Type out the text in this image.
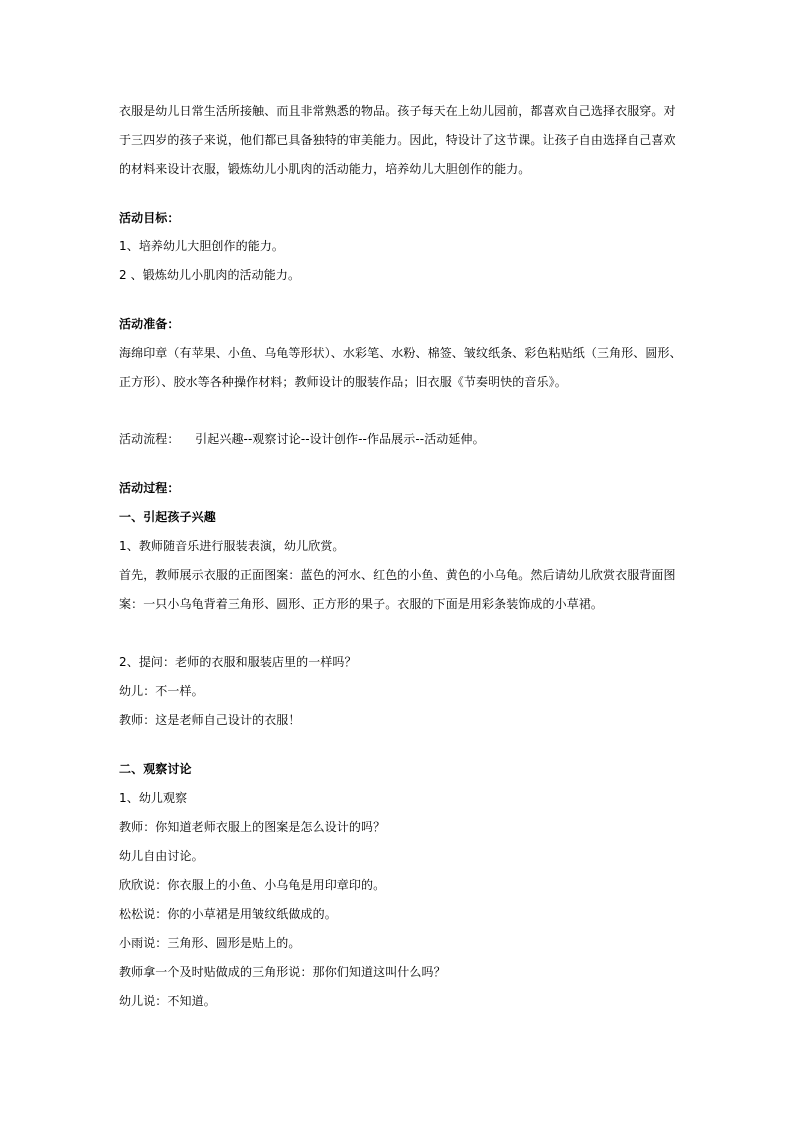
衣服是幼儿日常生活所接触、而且非常熟悉的物品。孩子每天在上幼儿园前，都喜欢自己选择衣服穿。对
于三四岁的孩子来说，他们都已具备独特的审美能力。因此，特设计了这节课。让孩子自由选择自己喜欢
的材料来设计衣服，锻炼幼儿小肌肉的活动能力，培养幼儿大胆创作的能力。
活动目标：
1、培养幼儿大胆创作的能力。
2 、锻炼幼儿小肌肉的活动能力。
活动准备：
海绵印章（有苹果、小鱼、乌龟等形状）、水彩笔、水粉、棉签、皱纹纸条、彩色粘贴纸（三角形、圆形、
正方形）、胶水等各种操作材料；教师设计的服装作品；旧衣服《节奏明快的音乐》。
活动流程：    引起兴趣--观察讨论--设计创作--作品展示--活动延伸。
活动过程：
一、引起孩子兴趣
1、教师随音乐进行服装表演，幼儿欣赏。
首先，教师展示衣服的正面图案：蓝色的河水、红色的小鱼、黄色的小乌龟。然后请幼儿欣赏衣服背面图
案：一只小乌龟背着三角形、圆形、正方形的果子。衣服的下面是用彩条装饰成的小草裙。
2、提问：老师的衣服和服装店里的一样吗？
幼儿：不一样。
教师：这是老师自己设计的衣服！
二、观察讨论
1、幼儿观察
教师：你知道老师衣服上的图案是怎么设计的吗？
幼儿自由讨论。
欣欣说：你衣服上的小鱼、小乌龟是用印章印的。
松松说：你的小草裙是用皱纹纸做成的。
小雨说：三角形、圆形是贴上的。
教师拿一个及时贴做成的三角形说：那你们知道这叫什么吗？
幼儿说：不知道。
